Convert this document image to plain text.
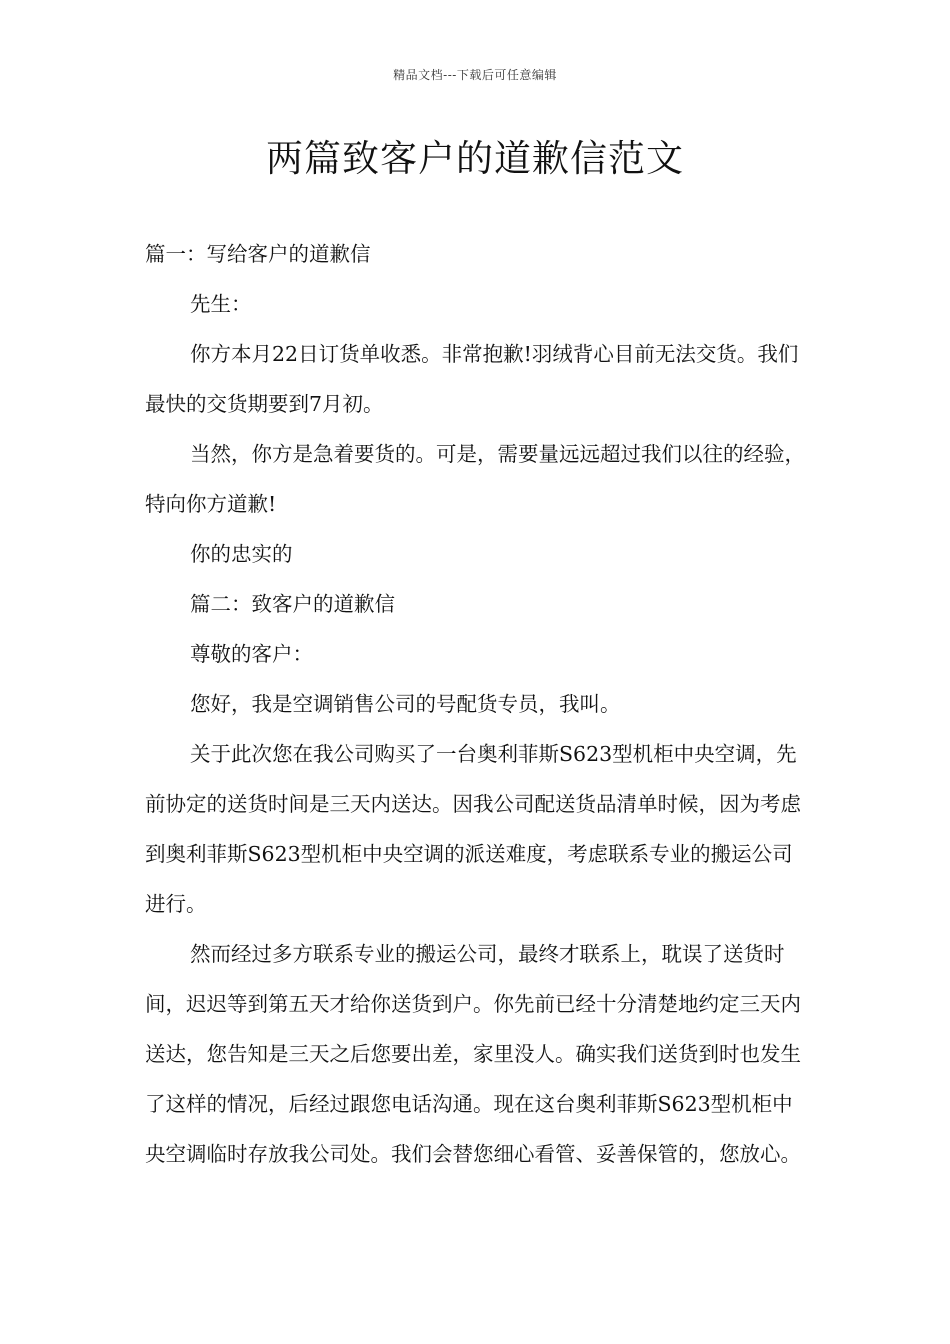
精品文档---下载后可任意编辑
两篇致客户的道歉信范文

篇一：写给客户的道歉信

先生：

你方本月22日订货单收悉。非常抱歉!羽绒背心目前无法交货。我们最快的交货期要到7月初。

当然，你方是急着要货的。可是，需要量远远超过我们以往的经验，特向你方道歉!

你的忠实的

篇二：致客户的道歉信

尊敬的客户：

您好，我是空调销售公司的号配货专员，我叫。

关于此次您在我公司购买了一台奥利菲斯S623型机柜中央空调，先前协定的送货时间是三天内送达。因我公司配送货品清单时候，因为考虑到奥利菲斯S623型机柜中央空调的派送难度，考虑联系专业的搬运公司进行。

然而经过多方联系专业的搬运公司，最终才联系上，耽误了送货时间，迟迟等到第五天才给你送货到户。你先前已经十分清楚地约定三天内送达，您告知是三天之后您要出差，家里没人。确实我们送货到时也发生了这样的情况，后经过跟您电话沟通。现在这台奥利菲斯S623型机柜中央空调临时存放我公司处。我们会替您细心看管、妥善保管的，您放心。
